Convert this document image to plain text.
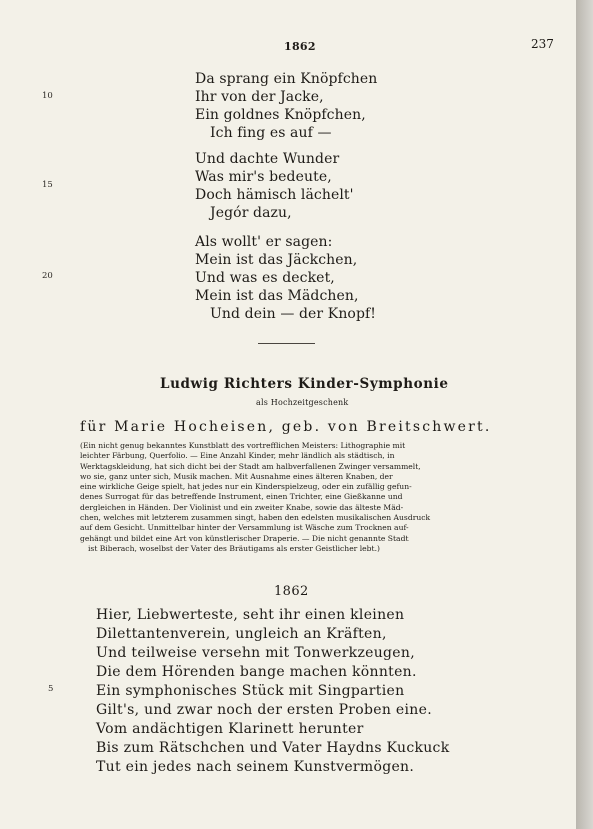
1862	237
Da sprang ein Knöpfchen
Ihr von der Jacke,
Ein goldnes Knöpfchen,
Ich fing es auf —
Und dachte Wunder
Was mir's bedeute,
Doch hämisch lächelt'
Jegór dazu,
Als wollt' er sagen:
Mein ist das Jäckchen,
Und was es decket,
Mein ist das Mädchen,
Und dein — der Knopf!
10
15
20
Ludwig Richters Kinder-Symphonie
als Hochzeitgeschenk
für Marie Hocheisen, geb. von Breitschwert.
(Ein nicht genug bekanntes Kunstblatt des vortrefflichen Meisters: Lithographie mit
leichter Färbung, Querfolio. — Eine Anzahl Kinder, mehr ländlich als städtisch, in
Werktagskleidung, hat sich dicht bei der Stadt am halbverfallenen Zwinger versammelt,
wo sie, ganz unter sich, Musik machen. Mit Ausnahme eines älteren Knaben, der
eine wirkliche Geige spielt, hat jedes nur ein Kinderspielzeug, oder ein zufällig gefun-
denes Surrogat für das betreffende Instrument, einen Trichter, eine Gießkanne und
dergleichen in Händen. Der Violinist und ein zweiter Knabe, sowie das älteste Mäd-
chen, welches mit letzterem zusammen singt, haben den edelsten musikalischen Ausdruck
auf dem Gesicht. Unmittelbar hinter der Versammlung ist Wäsche zum Trocknen auf-
gehängt und bildet eine Art von künstlerischer Draperie. — Die nicht genannte Stadt
ist Biberach, woselbst der Vater des Bräutigams als erster Geistlicher lebt.)
1862
Hier, Liebwerteste, seht ihr einen kleinen
Dilettantenverein, ungleich an Kräften,
Und teilweise versehn mit Tonwerkzeugen,
Die dem Hörenden bange machen könnten.
Ein symphonisches Stück mit Singpartien
Gilt's, und zwar noch der ersten Proben eine.
Vom andächtigen Klarinett herunter
Bis zum Rätschchen und Vater Haydns Kuckuck
Tut ein jedes nach seinem Kunstvermögen.
5
